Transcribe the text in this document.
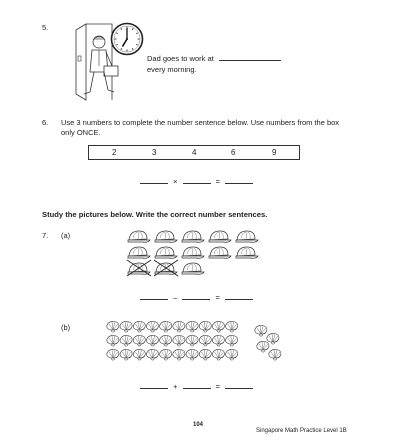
5.
Dad goes to work at
every morning.
6. Use 3 numbers to complete the number sentence below. Use numbers from the box
only ONCE.
2	3	4	6	9
×	=
Study the pictures below. Write the correct number sentences.
7. (a)
–	=
(b)
+	=
104
Singapore Math Practice Level 1B
